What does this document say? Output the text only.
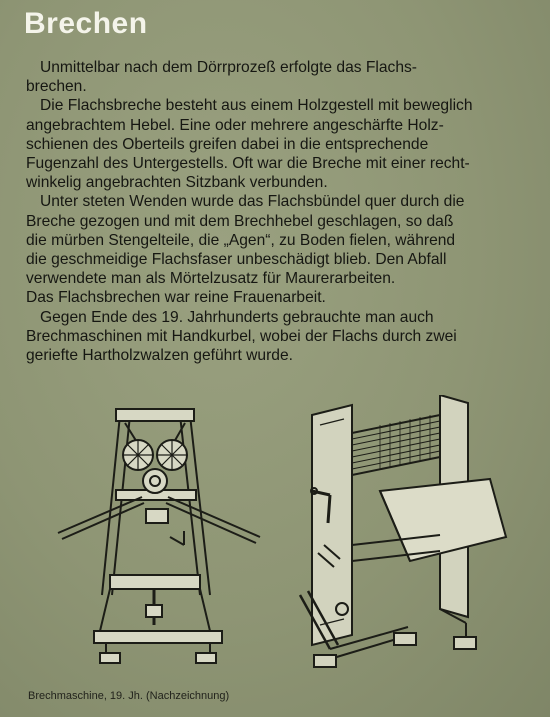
Brechen

Unmittelbar nach dem Dörrprozeß erfolgte das Flachs-
brechen.

Die Flachsbreche besteht aus einem Holzgestell mit beweglich
angebrachtem Hebel. Eine oder mehrere angeschärfte Holz-
schienen des Oberteils greifen dabei in die entsprechende
Fugenzahl des Untergestells. Oft war die Breche mit einer recht-
winkelig angebrachten Sitzbank verbunden.

Unter steten Wenden wurde das Flachsbündel quer durch die
Breche gezogen und mit dem Brechhebel geschlagen, so daß
die mürben Stengelteile, die „Agen“, zu Boden fielen, während
die geschmeidige Flachsfaser unbeschädigt blieb. Den Abfall
verwendete man als Mörtelzusatz für Maurerarbeiten.
Das Flachsbrechen war reine Frauenarbeit.

Gegen Ende des 19. Jahrhunderts gebrauchte man auch
Brechmaschinen mit Handkurbel, wobei der Flachs durch zwei
geriefte Hartholzwalzen geführt wurde.

Brechmaschine, 19. Jh. (Nachzeichnung)
